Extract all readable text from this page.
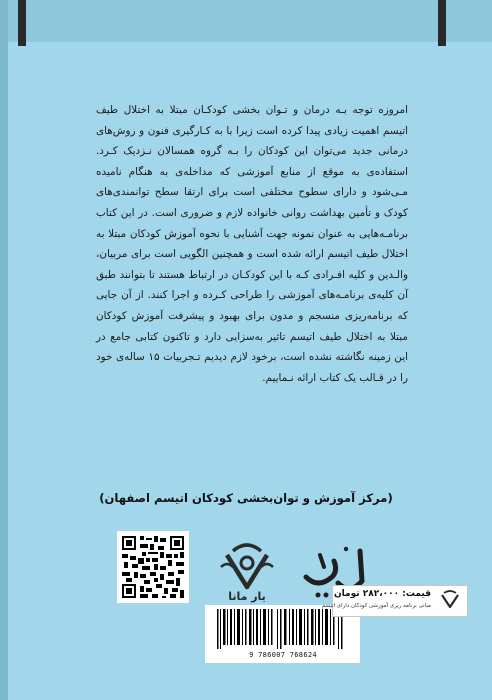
امروزه توجه بـه درمان و تـوان بخشی کودکـان مبتلا به اختلال طیف اتیسم اهمیت زیادی پیدا کرده است زیرا با به کـارگیری فنون و روش‌های درمانی جدید می‌توان این کودکان را بـه گروه همسالان نـزدیک کـرد. استفاده‌ی به موقع از منابع آموزشی که مداخله‌ی به هنگام نامیده مـی‌شود و دارای سطوح مختلفی است برای ارتقا سطح توانمندی‌های کودک و تأمین بهداشت روانی خانواده لازم و ضروری است. در این کتاب برنامـه‌هایی به عنوان نمونه جهت آشنایی با نحوه آموزش کودکان مبتلا به اختلال طیف اتیسم ارائه شده است و همچنین الگویی است برای مربیان، والـدین و کلیه افـرادی کـه با این کودکـان در ارتباط هستند تا بتوانند طبق آن کلیه‌ی برنامـه‌های آموزشی را طراحی کـرده و اجرا کنند. از آن جایی که برنامه‌ریزی منسجم و مدون برای بهبود و پیشرفت آموزش کودکان مبتلا به اختلال طیف اتیسم تاثیر به‌سزایی دارد و تاکنون کتابی جامع در این زمینه نگاشته نشده است، برخود لازم دیدیم تـجربیات ۱۵ ساله‌ی خود را در قـالب یک کتاب ارائه نـماییم.
(مرکز آموزش و توان‌بخشی کودکان اتیسم اصفهان)
یار مانا
9 786007 768624
قیمت: ۲۸۲،۰۰۰ تومان
مبانی برنامه ریزی آموزشی کودکان دارای اتیسم
